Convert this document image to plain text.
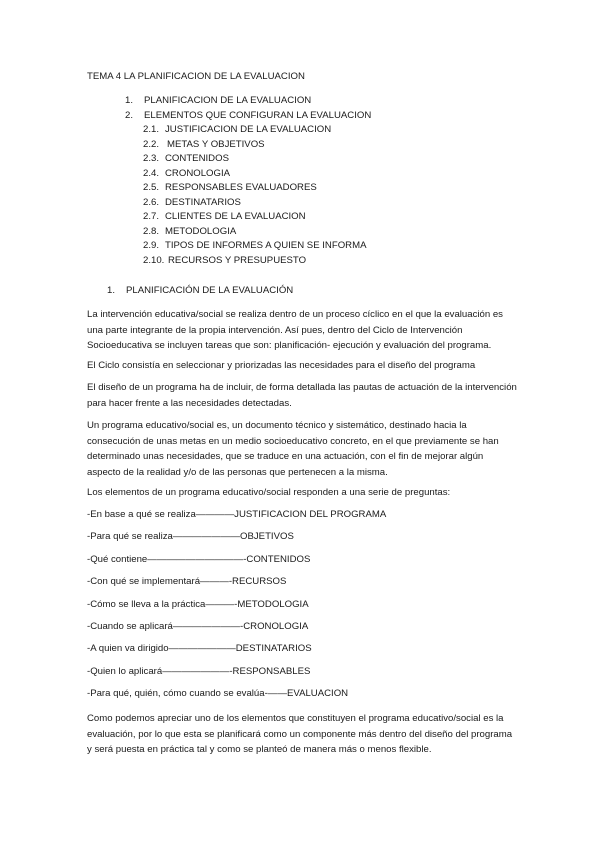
TEMA 4 LA PLANIFICACION DE LA EVALUACION
1. PLANIFICACION DE LA EVALUACION
2. ELEMENTOS QUE CONFIGURAN LA EVALUACION
2.1. JUSTIFICACION DE LA EVALUACION
2.2. METAS Y OBJETIVOS
2.3. CONTENIDOS
2.4. CRONOLOGIA
2.5. RESPONSABLES EVALUADORES
2.6. DESTINATARIOS
2.7. CLIENTES DE LA EVALUACION
2.8. METODOLOGIA
2.9. TIPOS DE INFORMES A QUIEN SE INFORMA
2.10. RECURSOS Y PRESUPUESTO
1. PLANIFICACIÓN DE LA EVALUACIÓN
La intervención educativa/social se realiza dentro de un proceso cíclico en el que la evaluación es una parte integrante de la propia intervención. Así pues, dentro del Ciclo de Intervención Socioeducativa se incluyen tareas que son: planificación- ejecución y evaluación del programa.
El Ciclo consistía en seleccionar y priorizadas las necesidades para el diseño del programa
El diseño de un programa ha de incluir, de forma detallada las pautas de actuación de la intervención para hacer frente a las necesidades detectadas.
Un programa educativo/social es, un documento técnico y sistemático, destinado hacia la consecución de unas metas en un medio socioeducativo concreto, en el que previamente se han determinado unas necesidades, que se traduce en una actuación, con el fin de mejorar algún aspecto de la realidad y/o de las personas que pertenecen a la misma.
Los elementos de un programa educativo/social responden a una serie de preguntas:
-En base a qué se realiza————JUSTIFICACION DEL PROGRAMA
-Para qué se realiza———————OBJETIVOS
-Qué contiene——————————-CONTENIDOS
-Con qué se implementará———-RECURSOS
-Cómo se lleva a la práctica———-METODOLOGIA
-Cuando se aplicará———————-CRONOLOGIA
-A quien va dirigido———————DESTINATARIOS
-Quien lo aplicará———————-RESPONSABLES
-Para qué, quién, cómo cuando se evalúa-——EVALUACION
Como podemos apreciar uno de los elementos que constituyen el programa educativo/social es la evaluación, por lo que esta se planificará como un componente más dentro del diseño del programa y será puesta en práctica tal y como se planteó de manera más o menos flexible.
